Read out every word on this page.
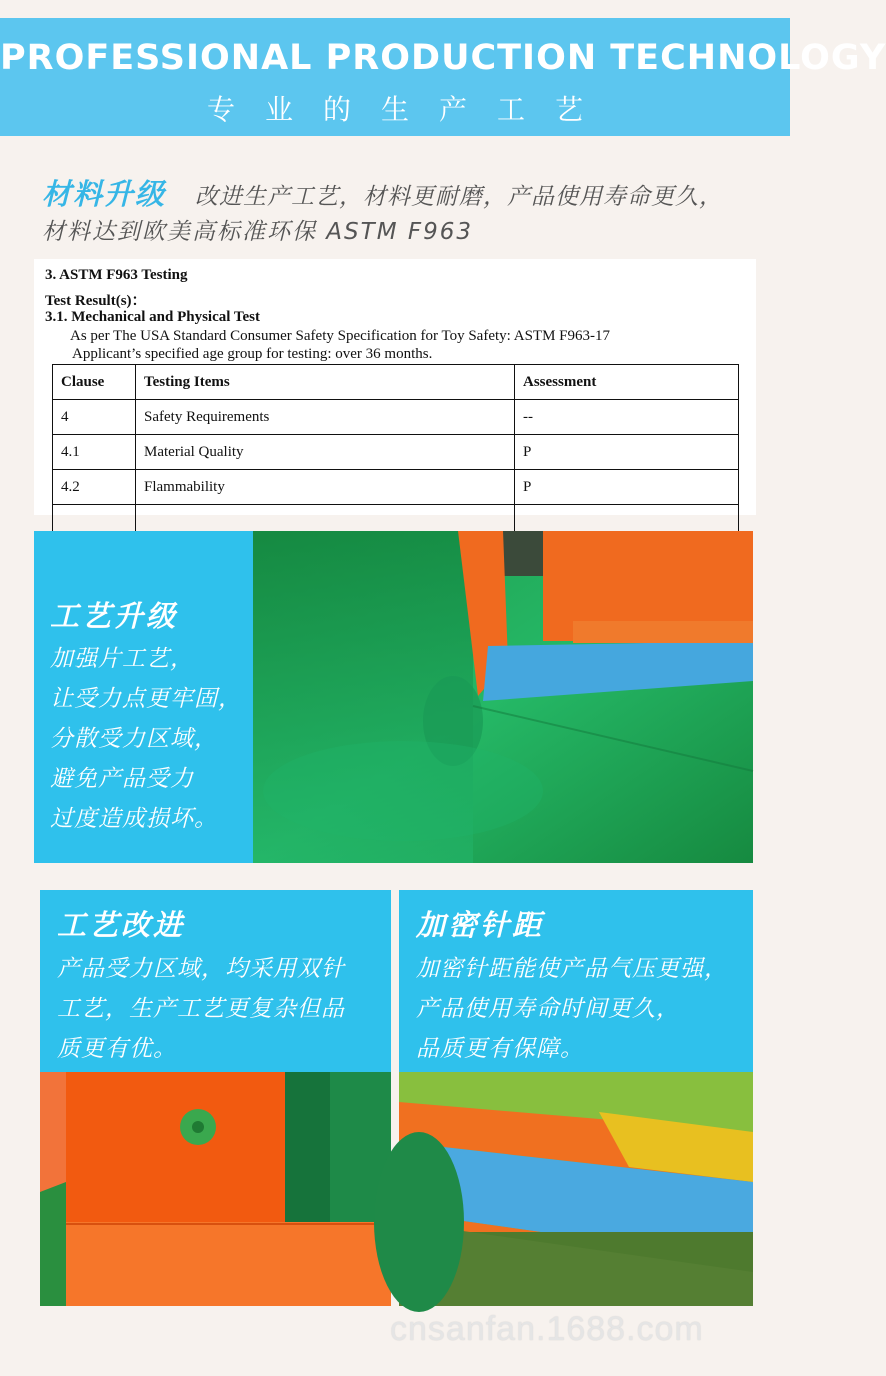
PROFESSIONAL PRODUCTION TECHNOLOGY
专业的生产工艺
材料升级 改进生产工艺，材料更耐磨，产品使用寿命更久，
材料达到欧美高标准环保 ASTM F963
3. ASTM F963 Testing
Test Result(s)：
3.1. Mechanical and Physical Test
As per The USA Standard Consumer Safety Specification for Toy Safety: ASTM F963-17
Applicant’s specified age group for testing: over 36 months.
Clause	Testing Items	Assessment
4	Safety Requirements	--
4.1	Material Quality	P
4.2	Flammability	P

工艺升级
加强片工艺，
让受力点更牢固，
分散受力区域，
避免产品受力
过度造成损坏。
工艺改进
产品受力区域，均采用双针
工艺，生产工艺更复杂但品
质更有优。
加密针距
加密针距能使产品气压更强，
产品使用寿命时间更久，
品质更有保障。
cnsanfan.1688.com
